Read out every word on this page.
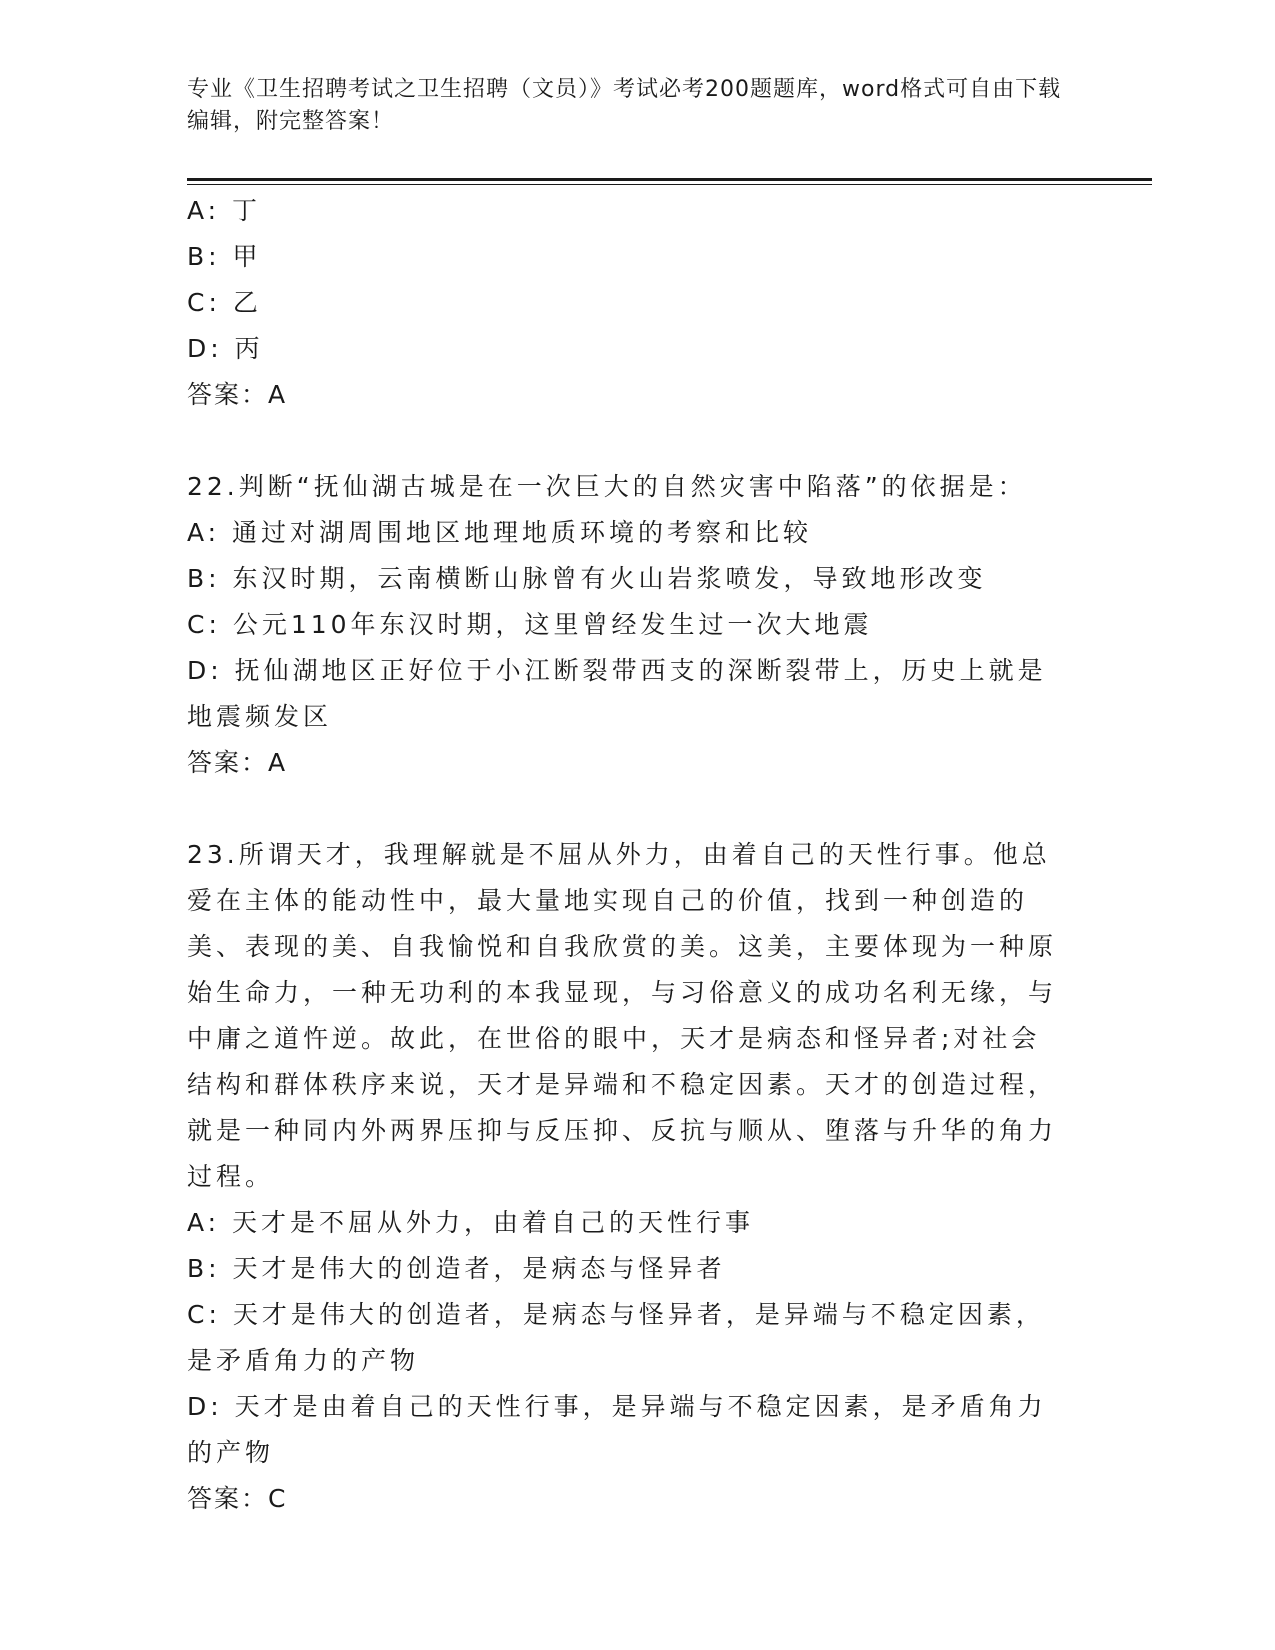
专业《卫生招聘考试之卫生招聘（文员）》考试必考200题题库，word格式可自由下载编辑，附完整答案！
A: 丁
B: 甲
C: 乙
D: 丙
答案：A
22.判断“抚仙湖古城是在一次巨大的自然灾害中陷落”的依据是：
A: 通过对湖周围地区地理地质环境的考察和比较
B: 东汉时期，云南横断山脉曾有火山岩浆喷发，导致地形改变
C: 公元110年东汉时期，这里曾经发生过一次大地震
D: 抚仙湖地区正好位于小江断裂带西支的深断裂带上，历史上就是地震频发区
答案：A
23.所谓天才，我理解就是不屈从外力，由着自己的天性行事。他总爱在主体的能动性中，最大量地实现自己的价值，找到一种创造的美、表现的美、自我愉悦和自我欣赏的美。这美，主要体现为一种原始生命力，一种无功利的本我显现，与习俗意义的成功名利无缘，与中庸之道忤逆。故此，在世俗的眼中，天才是病态和怪异者;对社会结构和群体秩序来说，天才是异端和不稳定因素。天才的创造过程，就是一种同内外两界压抑与反压抑、反抗与顺从、堕落与升华的角力过程。
A: 天才是不屈从外力，由着自己的天性行事
B: 天才是伟大的创造者，是病态与怪异者
C: 天才是伟大的创造者，是病态与怪异者，是异端与不稳定因素，是矛盾角力的产物
D: 天才是由着自己的天性行事，是异端与不稳定因素，是矛盾角力的产物
答案：C
